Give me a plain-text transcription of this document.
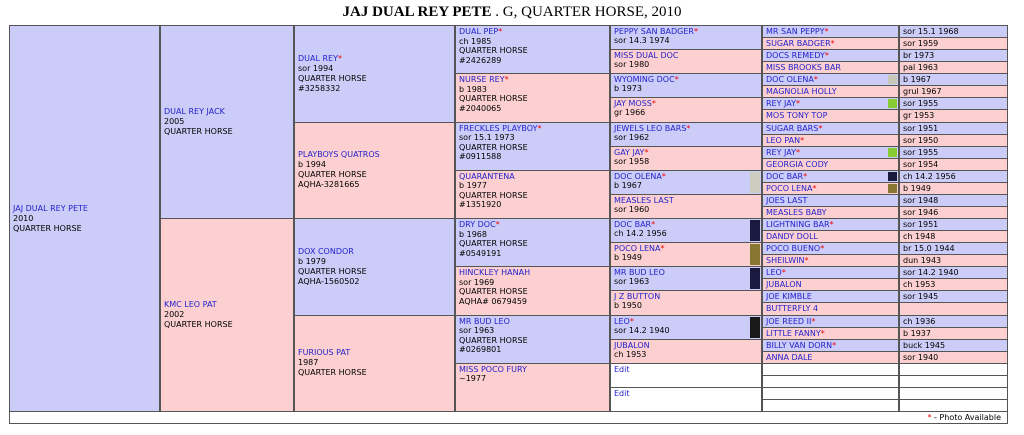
JAJ DUAL REY PETE . G, QUARTER HORSE, 2010
JAJ DUAL REY PETE
2010
QUARTER HORSE
DUAL REY JACK
2005
QUARTER HORSE
KMC LEO PAT
2002
QUARTER HORSE
DUAL REY*
sor 1994
QUARTER HORSE
#3258332
PLAYBOYS QUATROS
b 1994
QUARTER HORSE
AQHA-3281665
DOX CONDOR
b 1979
QUARTER HORSE
AQHA-1560502
FURIOUS PAT
1987
QUARTER HORSE
DUAL PEP*
ch 1985
QUARTER HORSE
#2426289
NURSE REY*
b 1983
QUARTER HORSE
#2040065
FRECKLES PLAYBOY*
sor 15.1 1973
QUARTER HORSE
#0911588
QUARANTENA
b 1977
QUARTER HORSE
#1351920
DRY DOC*
b 1968
QUARTER HORSE
#0549191
HINCKLEY HANAH
sor 1969
QUARTER HORSE
AQHA# 0679459
MR BUD LEO
sor 1963
QUARTER HORSE
#0269801
MISS POCO FURY
~1977
PEPPY SAN BADGER*
sor 14.3 1974
MISS DUAL DOC
sor 1980
WYOMING DOC*
b 1973
JAY MOSS*
gr 1966
JEWELS LEO BARS*
sor 1962
GAY JAY*
sor 1958
DOC OLENA*
b 1967
MEASLES LAST
sor 1960
DOC BAR*
ch 14.2 1956
POCO LENA*
b 1949
MR BUD LEO
sor 1963
J Z BUTTON
b 1950
LEO*
sor 14.2 1940
JUBALON
ch 1953
Edit
Edit
MR SAN PEPPY*	sor 15.1 1968
SUGAR BADGER*	sor 1959
DOCS REMEDY*	br 1973
MISS BROOKS BAR	pal 1963
DOC OLENA*	b 1967
MAGNOLIA HOLLY	grul 1967
REY JAY*	sor 1955
MOS TONY TOP	gr 1953
SUGAR BARS*	sor 1951
LEO PAN*	sor 1950
REY JAY*	sor 1955
GEORGIA CODY	sor 1954
DOC BAR*	ch 14.2 1956
POCO LENA*	b 1949
JOES LAST	sor 1948
MEASLES BABY	sor 1946
LIGHTNING BAR*	sor 1951
DANDY DOLL	ch 1948
POCO BUENO*	br 15.0 1944
SHEILWIN*	dun 1943
LEO*	sor 14.2 1940
JUBALON	ch 1953
JOE KIMBLE	sor 1945
BUTTERFLY 4
JOE REED II*	ch 1936
LITTLE FANNY*	b 1937
BILLY VAN DORN*	buck 1945
ANNA DALE	sor 1940
* - Photo Available
